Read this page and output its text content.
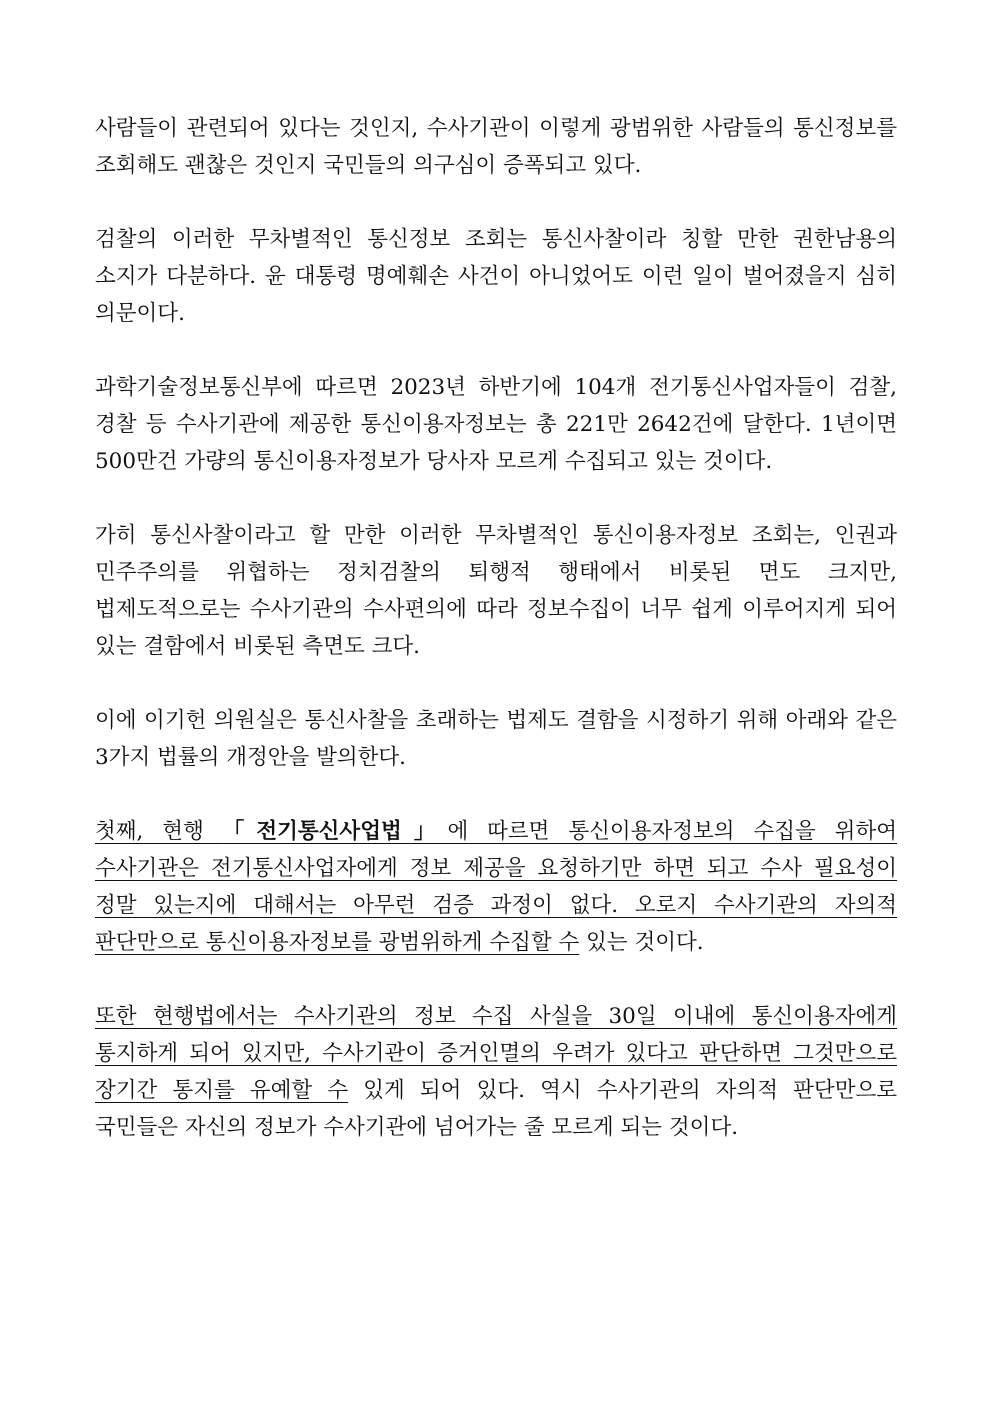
사람들이 관련되어 있다는 것인지, 수사기관이 이렇게 광범위한 사람들의 통신정보를 조회해도 괜찮은 것인지 국민들의 의구심이 증폭되고 있다.

검찰의 이러한 무차별적인 통신정보 조회는 통신사찰이라 칭할 만한 권한남용의 소지가 다분하다. 윤 대통령 명예훼손 사건이 아니었어도 이런 일이 벌어졌을지 심히 의문이다.

과학기술정보통신부에 따르면 2023년 하반기에 104개 전기통신사업자들이 검찰, 경찰 등 수사기관에 제공한 통신이용자정보는 총 221만 2642건에 달한다. 1년이면 500만건 가량의 통신이용자정보가 당사자 모르게 수집되고 있는 것이다.

가히 통신사찰이라고 할 만한 이러한 무차별적인 통신이용자정보 조회는, 인권과 민주주의를 위협하는 정치검찰의 퇴행적 행태에서 비롯된 면도 크지만, 법제도적으로는 수사기관의 수사편의에 따라 정보수집이 너무 쉽게 이루어지게 되어 있는 결함에서 비롯된 측면도 크다.

이에 이기헌 의원실은 통신사찰을 초래하는 법제도 결함을 시정하기 위해 아래와 같은 3가지 법률의 개정안을 발의한다.

첫째, 현행 「전기통신사업법」에 따르면 통신이용자정보의 수집을 위하여 수사기관은 전기통신사업자에게 정보 제공을 요청하기만 하면 되고 수사 필요성이 정말 있는지에 대해서는 아무런 검증 과정이 없다. 오로지 수사기관의 자의적 판단만으로 통신이용자정보를 광범위하게 수집할 수 있는 것이다.

또한 현행법에서는 수사기관의 정보 수집 사실을 30일 이내에 통신이용자에게 통지하게 되어 있지만, 수사기관이 증거인멸의 우려가 있다고 판단하면 그것만으로 장기간 통지를 유예할 수 있게 되어 있다. 역시 수사기관의 자의적 판단만으로 국민들은 자신의 정보가 수사기관에 넘어가는 줄 모르게 되는 것이다.
